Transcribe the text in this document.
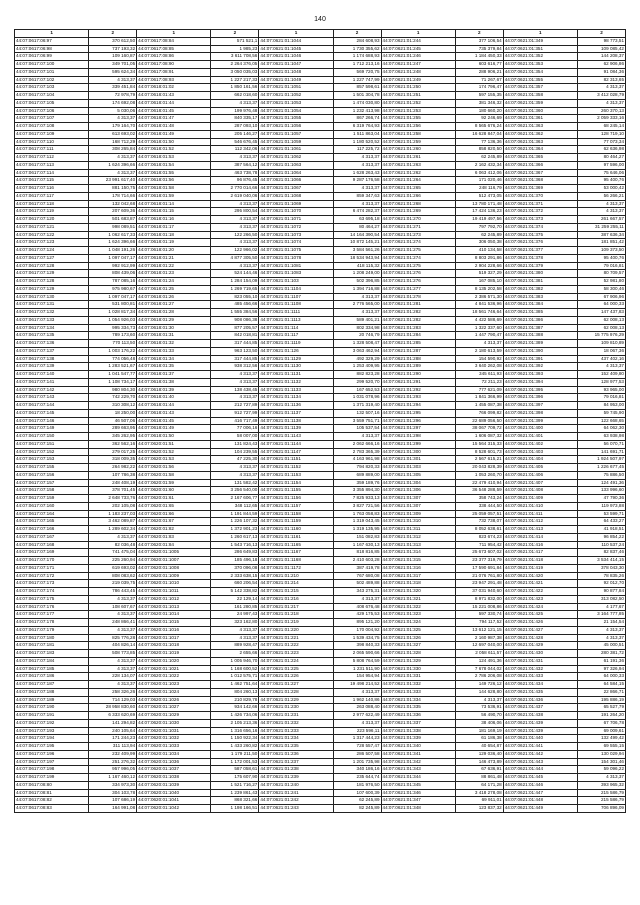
140
1	2	1	2	1	2	1	2	1	2
44:07:0617:06:97	370 612,50	44:07:0617:08:84	571 521,1	44:07:0621:01:1044	284 608,93	44:07:0621:01:244	377 106,54	44:07:0621:01:349	98 773,51
44:07:0617:06:98	737 193,32	44:07:0617:08:85	1 985,23	44:07:0621:01:1045	1 730 355,62	44:07:0621:01:245	735 379,84	44:07:0621:01:351	109 085,42
44:07:0617:06:99	109 160,87	44:07:0617:08:86	3 611 708,56	44:07:0621:01:1046	1 174 688,93	44:07:0621:01:246	1 184 450,33	44:07:0621:01:352	144 208,37
44:07:0617:07:100	349 701,05	44:07:0617:08:90	2 264 376,05	44:07:0621:01:1047	1 712 213,16	44:07:0621:01:247	603 616,77	44:07:0621:01:353	62 906,86
44:07:0617:07:101	595 624,34	44:07:0617:08:91	3 050 035,03	44:07:0621:01:1048	569 720,75	44:07:0621:01:248	288 906,21	44:07:0621:01:354	91 084,36
44:07:0617:07:102	4 313,37	44:07:0617:08:93	1 227 217,33	44:07:0621:01:1049	1 227 747,99	44:07:0621:01:249	71 267,67	44:07:0621:01:355	82 313,65
44:07:0617:07:103	339 451,84	44:07:0618:01:02	1 850 161,56	44:07:0621:01:1051	857 598,61	44:07:0621:01:250	174 796,47	44:07:0621:01:357	4 313,37
44:07:0617:07:104	72 978,79	44:07:0618:01:43	662 018,60	44:07:0621:01:1052	1 501 304,78	44:07:0621:01:251	597 155,35	44:07:0621:01:358	3 412 028,79
44:07:0617:07:105	174 692,08	44:07:0618:01:44	4 313,37	44:07:0621:01:1053	1 474 030,80	44:07:0621:01:252	381 346,32	44:07:0621:01:359	4 313,37
44:07:0617:07:106	5 030,06	44:07:0618:01:45	199 976,48	44:07:0621:01:1054	1 232 413,98	44:07:0621:01:253	180 660,20	44:07:0621:01:360	260 370,13
44:07:0617:07:107	4 313,37	44:07:0618:01:47	840 335,17	44:07:0621:01:1055	867 266,74	44:07:0621:01:255	92 246,69	44:07:0621:01:361	2 059 333,16
44:07:0617:07:108	179 164,70	44:07:0618:01:48	287 093,10	44:07:0621:01:1056	6 319 764,93	44:07:0621:01:256	8 565 676,24	44:07:0621:01:363	68 245,14
44:07:0617:07:109	613 693,02	44:07:0618:01:49	205 146,27	44:07:0621:01:1057	1 511 863,04	44:07:0621:01:258	16 628 847,04	44:07:0621:01:362	128 719,10
44:07:0617:07:110	168 712,29	44:07:0618:01:50	546 676,45	44:07:0621:01:1059	1 180 520,52	44:07:0621:01:259	77 136,36	44:07:0621:01:363	77 073,34
44:07:0617:07:111	308 265,84	44:07:0618:01:52	112 342,06	44:07:0621:01:1061	117 225,72	44:07:0621:01:260	858 820,50	44:07:0621:01:364	62 636,98
44:07:0617:07:112	4 313,37	44:07:0618:01:53	4 313,37	44:07:0621:01:1062	4 313,37	44:07:0621:01:261	62 245,89	44:07:0621:01:365	80 464,27
44:07:0617:07:113	1 624 396,66	44:07:0618:01:54	387 564,12	44:07:0621:01:1063	4 313,37	44:07:0621:01:263	2 162 432,34	44:07:0621:01:366	97 596,00
44:07:0617:07:114	4 313,37	44:07:0618:01:55	463 738,78	44:07:0621:01:1064	1 628 263,43	44:07:0621:01:262	6 063 412,06	44:07:0621:01:367	75 646,06
44:07:0617:07:115	23 991 617,40	44:07:0618:01:56	96 876,45	44:07:0621:01:1066	9 287 176,58	44:07:0621:01:264	171 020,46	44:07:0621:01:368	95 400,76
44:07:0617:07:116	881 150,75	44:07:0618:01:58	2 770 014,66	44:07:0621:01:1067	4 313,37	44:07:0621:01:265	248 116,79	44:07:0621:01:369	53 000,42
44:07:0617:07:117	178 714,66	44:07:0618:01:59	2 619 040,06	44:07:0621:01:1068	859 347,63	44:07:0621:01:266	512 473,05	44:07:0621:01:370	56 266,21
44:07:0617:07:118	132 042,68	44:07:0618:01:14	4 313,37	44:07:0621:01:1069	4 313,37	44:07:0621:01:268	13 780 171,48	44:07:0621:01:371	4 313,37
44:07:0617:07:119	207 609,36	44:07:0618:01:15	295 800,54	44:07:0621:01:1070	6 474 282,37	44:07:0621:01:269	17 424 136,23	44:07:0621:01:372	4 313,37
44:07:0617:07:120	501 683,87	44:07:0618:01:16	4 313,37	44:07:0621:01:1071	63 695,18	44:07:0621:01:270	19 419 497,56	44:07:0621:01:373	261 667,57
44:07:0617:07:121	998 089,51	44:07:0618:01:17	4 313,37	44:07:0621:01:1072	80 464,27	44:07:0621:01:271	797 792,70	44:07:0621:01:374	31 259 255,11
44:07:0617:07:122	1 062 617,33	44:07:0618:01:18	122 266,50	44:07:0621:01:1073	14 164 390,54	44:07:0621:01:273	62 245,89	44:07:0621:01:375	387 636,34
44:07:0617:07:123	1 624 396,66	44:07:0618:01:19	4 313,37	44:07:0621:01:1074	10 872 145,21	44:07:0621:01:274	306 050,38	44:07:0621:01:376	181 851,42
44:07:0617:07:124	1 048 191,26	44:07:0618:01:20	122 966,02	44:07:0621:01:1075	3 584 561,26	44:07:0621:01:275	410 134,58	44:07:0621:01:377	109 373,50
44:07:0617:07:127	1 097 047,17	44:07:0618:01:21	4 877 305,50	44:07:0621:01:1078	18 534 943,94	44:07:0621:01:274	8 803 291,86	44:07:0621:01:378	95 400,76
44:07:0617:07:128	992 912,99	44:07:0618:01:22	4 313,37	44:07:0621:01:1081	418 115,32	44:07:0621:01:275	2 904 228,66	44:07:0621:01:379	79 016,81
44:07:0617:07:129	808 439,06	44:07:0618:01:23	524 144,46	44:07:0621:01:1083	1 208 249,00	44:07:0621:01:276	519 327,29	44:07:0621:01:380	80 709,57
44:07:0617:07:128	787 085,16	44:07:0618:01:24	1 284 154,09	44:07:0621:01:103	502 396,85	44:07:0621:01:276	167 085,10	44:07:0621:01:381	52 981,80
44:07:0617:07:129	975 980,67	44:07:0618:01:25	1 269 719,65	44:07:0621:01:1104	1 394 716,88	44:07:0621:01:277	8 135 202,58	44:07:0621:01:382	58 300,46
44:07:0617:07:130	1 097 047,17	44:07:0618:01:26	823 055,10	44:07:0621:01:1107	4 313,37	44:07:0621:01:278	2 386 571,30	44:07:0621:01:383	67 906,96
44:07:0617:07:131	531 800,81	44:07:0618:01:27	485 456,66	44:07:0621:01:1108	2 776 565,00	44:07:0621:01:281	4 841 536,96	44:07:0621:01:384	64 000,33
44:07:0617:07:132	1 028 817,34	44:07:0618:01:28	1 555 384,56	44:07:0621:01:1111	4 313,37	44:07:0621:01:282	18 561 746,64	44:07:0621:01:385	147 437,83
44:07:0617:07:133	1 054 926,03	44:07:0618:01:29	908 086,38	44:07:0621:01:1113	589 401,21	44:07:0621:01:282	4 422 588,69	44:07:0621:01:386	62 008,13
44:07:0617:07:134	995 334,73	44:07:0618:01:30	877 205,57	44:07:0621:01:114	802 334,98	44:07:0621:01:283	1 322 337,60	44:07:0621:01:387	62 008,13
44:07:0617:07:135	789 173,60	44:07:0618:01:31	842 018,81	44:07:0621:01:117	20 746,79	44:07:0621:01:284	1 447 790,47	44:07:0621:01:388	15 775 976,29
44:07:0617:07:136	770 113,50	44:07:0618:01:32	317 444,85	44:07:0621:01:1119	1 328 508,47	44:07:0621:01:285	4 313,37	44:07:0621:01:389	109 810,89
44:07:0617:07:137	1 003 176,22	44:07:0618:01:33	963 123,50	44:07:0621:01:126	3 063 462,94	44:07:0621:01:287	2 180 613,59	44:07:0621:01:390	18 067,36
44:07:0617:07:138	774 056,48	44:07:0618:01:34	317 444,85	44:07:0621:01:1129	492 329,29	44:07:0621:01:288	154 590,92	44:07:0621:01:391	437 402,16
44:07:0617:07:139	1 283 521,67	44:07:0618:01:35	938 312,56	44:07:0621:01:1130	1 253 409,95	44:07:0621:01:289	3 640 262,08	44:07:0621:01:392	4 313,37
44:07:0617:07:140	1 041 547,77	44:07:0618:01:37	4 313,37	44:07:0621:01:1131	882 823,28	44:07:0621:01:290	345 611,93	44:07:0621:01:393	152 409,80
44:07:0617:07:141	1 108 734,17	44:07:0618:01:38	4 313,37	44:07:0621:01:1132	299 520,70	44:07:0621:01:291	72 211,23	44:07:0621:01:394	128 977,53
44:07:0617:07:142	980 804,30	44:07:0618:01:39	138 438,45	44:07:0621:01:1133	167 652,53	44:07:0621:01:292	777 621,09	44:07:0621:01:395	93 965,00
44:07:0617:07:143	742 229,70	44:07:0618:01:40	4 313,37	44:07:0621:01:1134	1 031 078,96	44:07:0621:01:293	1 841 366,99	44:07:0621:01:396	79 016,81
44:07:0617:07:144	310 308,12	44:07:0618:01:44	212 727,89	44:07:0621:01:1136	1 371 319,40	44:07:0621:01:294	1 455 087,38	44:07:0621:01:397	84 953,00
44:07:0617:07:145	18 250,00	44:07:0618:01:43	912 727,99	44:07:0621:01:1137	132 507,16	44:07:0621:01:295	766 099,82	44:07:0621:01:398	59 745,90
44:07:0617:07:146	46 507,06	44:07:0618:01:45	416 717,49	44:07:0621:01:1138	3 559 751,71	44:07:0621:01:296	22 689 056,50	44:07:0621:01:399	122 668,65
44:07:0617:07:149	289 663,95	44:07:0618:01:49	77 006,16	44:07:0621:01:1139	105 537,54	44:07:0621:01:297	38 067 709,72	44:07:0621:01:400	64 062,30
44:07:0617:07:150	345 262,95	44:07:0618:01:50	58 007,00	44:07:0621:01:1143	4 313,37	44:07:0621:01:298	1 606 087,32	44:07:0621:01:401	63 938,98
44:07:0617:07:151	362 562,16	44:07:0620:01:51	131 824,43	44:07:0621:01:1144	2 062 666,16	44:07:0621:01:299	15 564 315,33	44:07:0621:01:402	56 070,71
44:07:0617:07:152	279 017,25	44:07:0620:01:52	104 239,55	44:07:0621:01:1147	2 783 365,39	44:07:0621:01:300	8 528 601,73	44:07:0621:01:403	141 691,71
44:07:0617:07:153	318 009,35	44:07:0620:01:53	47 225,30	44:07:0621:01:1151	4 163 961,98	44:07:0621:01:301	2 567 615,21	44:07:0621:01:404	1 924 507,97
44:07:0617:07:155	264 982,22	44:07:0620:01:56	4 313,37	44:07:0621:01:1152	794 820,33	44:07:0621:01:303	20 043 828,39	44:07:0621:01:405	1 226 677,45
44:07:0617:07:156	107 786,38	44:07:0620:01:58	4 313,37	44:07:0621:01:1153	689 889,00	44:07:0621:01:305	1 053 260,70	44:07:0621:01:406	75 886,50
44:07:0617:07:157	248 408,19	44:07:0620:01:59	131 582,42	44:07:0621:01:1154	359 189,76	44:07:0621:01:304	22 479 410,94	44:07:0621:01:407	124 491,36
44:07:0617:07:158	378 701,45	44:07:0620:01:60	3 256 540,00	44:07:0621:01:1155	3 355 894,30	44:07:0621:01:306	36 548 288,59	44:07:0621:01:408	133 996,60
44:07:0617:07:159	2 648 733,76	44:07:0620:01:61	2 167 606,77	44:07:0621:01:1156	7 825 933,13	44:07:0621:01:307	358 743,24	44:07:0621:01:409	47 790,36
44:07:0617:07:160	202 105,08	44:07:0620:01:65	348 112,65	44:07:0621:01:1157	3 827 721,56	44:07:0621:01:307	338 444,50	44:07:0621:01:410	119 973,88
44:07:0617:07:164	1 183 237,03	44:07:0620:01:66	1 191 844,59	44:07:0621:01:1158	1 763 058,83	44:07:0621:01:309	25 059 057,51	44:07:0621:01:411	53 599,71
44:07:0617:07:165	3 462 089,87	44:07:0620:01:67	1 226 107,32	44:07:0621:01:1159	1 319 043,45	44:07:0621:01:310	732 738,07	44:07:0621:01:412	64 433,27
44:07:0617:07:166	1 289 602,34	44:07:0620:01:82	1 372 901,23	44:07:0621:01:1160	1 319 135,95	44:07:0621:01:311	8 052 638,61	44:07:0621:01:413	41 918,51
44:07:0617:07:167	4 313,37	44:07:0620:01:83	1 260 617,13	44:07:0621:01:1161	151 082,83	44:07:0621:01:312	823 674,23	44:07:0621:01:414	96 854,22
44:07:0617:07:168	82 036,48	44:07:0620:01:84	1 543 716,13	44:07:0621:01:1165	1 167 630,13	44:07:0621:01:313	711 954,42	44:07:0621:01:416	110 537,24
44:07:0617:07:169	741 475,04	44:07:0620:01:1005	286 649,83	44:07:0621:01:1167	818 816,85	44:07:0621:01:314	25 673 607,02	44:07:0621:01:417	82 837,46
44:07:0617:07:170	225 260,94	44:07:0620:01:1007	185 496,18	44:07:0621:01:1168	2 410 603,28	44:07:0621:01:315	23 377 319,79	44:07:0621:01:418	3 534 414,15
44:07:0617:07:171	619 693,02	44:07:0620:01:1008	370 096,08	44:07:0621:01:1172	387 419,78	44:07:0621:01:316	17 590 691,84	44:07:0621:01:419	378 043,30
44:07:0617:07:172	808 083,62	44:07:0620:01:1009	2 333 638,15	44:07:0621:01:210	767 680,08	44:07:0621:01:317	21 076 761,80	44:07:0621:01:420	78 835,26
44:07:0617:07:173	219 039,75	44:07:0620:01:1010	660 206,54	44:07:0621:01:214	502 489,88	44:07:0621:01:318	23 947 291,48	44:07:0621:01:421	92 012,70
44:07:0617:07:174	786 443,45	44:07:0620:01:1011	5 142 338,82	44:07:0621:01:215	343 275,31	44:07:0621:01:320	37 031 940,60	44:07:0621:01:422	90 877,84
44:07:0617:07:175	4 313,37	44:07:0620:01:1012	22 129,14	44:07:0621:01:216	4 313,37	44:07:0621:01:321	8 971 832,00	44:07:0621:01:423	313 082,50
44:07:0617:07:176	108 607,67	44:07:0620:01:1013	161 280,85	44:07:0621:01:217	408 676,48	44:07:0621:01:322	15 221 008,86	44:07:0621:01:424	4 177,67
44:07:0617:07:177	4 313,37	44:07:0620:01:1014	24 997,43	44:07:0621:01:218	429 175,53	44:07:0621:01:323	597 330,74	44:07:0621:01:425	3 164 777,85
44:07:0617:07:178	248 866,41	44:07:0620:01:1015	323 162,80	44:07:0621:01:219	895 121,20	44:07:0621:01:324	794 117,52	44:07:0621:01:426	21 154,54
44:07:0617:07:179	4 313,37	44:07:0620:01:1016	4 313,37	44:07:0621:01:220	170 004,92	44:07:0621:01:325	13 612 121,15	44:07:0621:01:427	4 313,37
44:07:0617:07:180	825 776,28	44:07:0620:01:1017	4 313,37	44:07:0621:01:221	1 539 434,75	44:07:0621:01:326	2 160 987,38	44:07:0621:01:428	4 313,37
44:07:0617:07:181	404 826,14	44:07:0620:01:1018	889 928,47	44:07:0621:01:222	398 840,33	44:07:0621:01:327	12 697 040,00	44:07:0621:01:429	45 000,51
44:07:0617:07:183	508 773,85	44:07:0620:01:1019	2 655,66	44:07:0621:01:223	2 065 590,66	44:07:0621:01:328	2 058 611,57	44:07:0621:01:430	280 381,72
44:07:0617:07:184	4 313,37	44:07:0620:01:1020	1 005 946,70	44:07:0621:01:224	5 808 764,59	44:07:0621:01:329	124 491,36	44:07:0621:01:431	61 191,36
44:07:0617:07:185	4 313,37	44:07:0620:01:1021	1 168 600,52	44:07:0621:01:225	1 231 511,90	44:07:0621:01:330	7 678 044,02	44:07:0621:01:432	97 326,94
44:07:0617:07:186	228 134,07	44:07:0620:01:1022	1 012 575,71	44:07:0621:01:226	154 954,94	44:07:0621:01:331	2 786 206,08	44:07:0621:01:433	64 000,33
44:07:0617:07:187	4 313,37	44:07:0620:01:1023	1 462 751,64	44:07:0621:01:227	19 498 214,52	44:07:0621:01:332	149 726,12	44:07:0621:01:434	64 584,15
44:07:0617:07:188	258 326,26	44:07:0620:01:1024	804 260,13	44:07:0621:01:228	4 313,37	44:07:0621:01:333	144 628,80	44:07:0621:01:435	22 866,71
44:07:0617:07:189	714 129,03	44:07:0620:01:1026	210 829,78	44:07:0621:01:229	1 962 140,86	44:07:0621:01:334	4 313,37	44:07:0621:01:436	195 886,19
44:07:0617:07:190	28 958 830,60	44:07:0620:01:1027	934 142,66	44:07:0621:01:230	263 088,40	44:07:0621:01:335	73 536,91	44:07:0621:01:437	65 527,79
44:07:0617:07:191	6 333 620,69	44:07:0620:01:1029	1 426 734,06	44:07:0621:01:231	2 977 622,49	44:07:0621:01:336	56 490,70	44:07:0621:01:438	191 264,20
44:07:0617:07:192	141 294,82	44:07:0620:01:1030	2 105 213,36	44:07:0621:01:232	4 313,37	44:07:0621:01:337	38 406,06	44:07:0621:01:439	67 706,78
44:07:0617:07:193	240 105,64	44:07:0620:01:1031	1 316 656,16	44:07:0621:01:233	223 596,11	44:07:0621:01:338	181 169,19	44:07:0621:01:439	69 009,61
44:07:0617:07:194	171 244,23	44:07:0620:01:1032	1 150 922,34	44:07:0621:01:234	1 317 444,23	44:07:0621:01:339	61 186,38	44:07:0621:01:440	132 499,42
44:07:0617:07:195	311 113,94	44:07:0620:01:1033	1 433 260,82	44:07:0621:01:235	728 557,47	44:07:0621:01:340	40 654,87	44:07:0621:01:441	69 555,15
44:07:0617:07:196	232 409,99	44:07:0620:01:1034	1 179 211,50	44:07:0621:01:236	286 507,58	44:07:0621:01:341	129 036,40	44:07:0621:01:442	130 029,94
44:07:0617:07:197	251 276,32	44:07:0620:01:1036	1 172 001,53	44:07:0621:01:237	1 201 735,98	44:07:0621:01:342	146 473,89	44:07:0621:01:443	154 301,46
44:07:0617:07:198	957 996,05	44:07:0620:01:1037	587 058,61	44:07:0621:01:238	340 186,16	44:07:0621:01:343	67 636,91	44:07:0621:01:444	59 096,22
44:07:0617:07:199	1 167 460,12	44:07:0620:01:1038	175 607,90	44:07:0621:01:239	235 644,74	44:07:0621:01:344	88 861,48	44:07:0621:01:445	4 313,37
44:07:0617:08:80	334 973,30	44:07:0620:01:1039	1 521 716,27	44:07:0621:01:240	181 976,50	44:07:0621:01:345	64 171,28	44:07:0621:01:446	393 965,32
44:07:0617:08:81	304 103,78	44:07:0620:01:1040	1 239 861,43	44:07:0621:01:241	107 600,39	44:07:0621:01:346	3 418 278,08	44:07:0621:01:447	215 586,79
44:07:0617:08:82	107 686,19	44:07:0620:01:1041	868 321,66	44:07:0621:01:242	62 245,89	44:07:0621:01:347	69 911,01	44:07:0621:01:448	215 586,79
44:07:0617:08:83	164 991,08	44:07:0620:01:1042	1 198 166,51	44:07:0621:01:243	82 245,89	44:07:0621:01:348	123 837,32	44:07:0621:01:449	706 896,09
